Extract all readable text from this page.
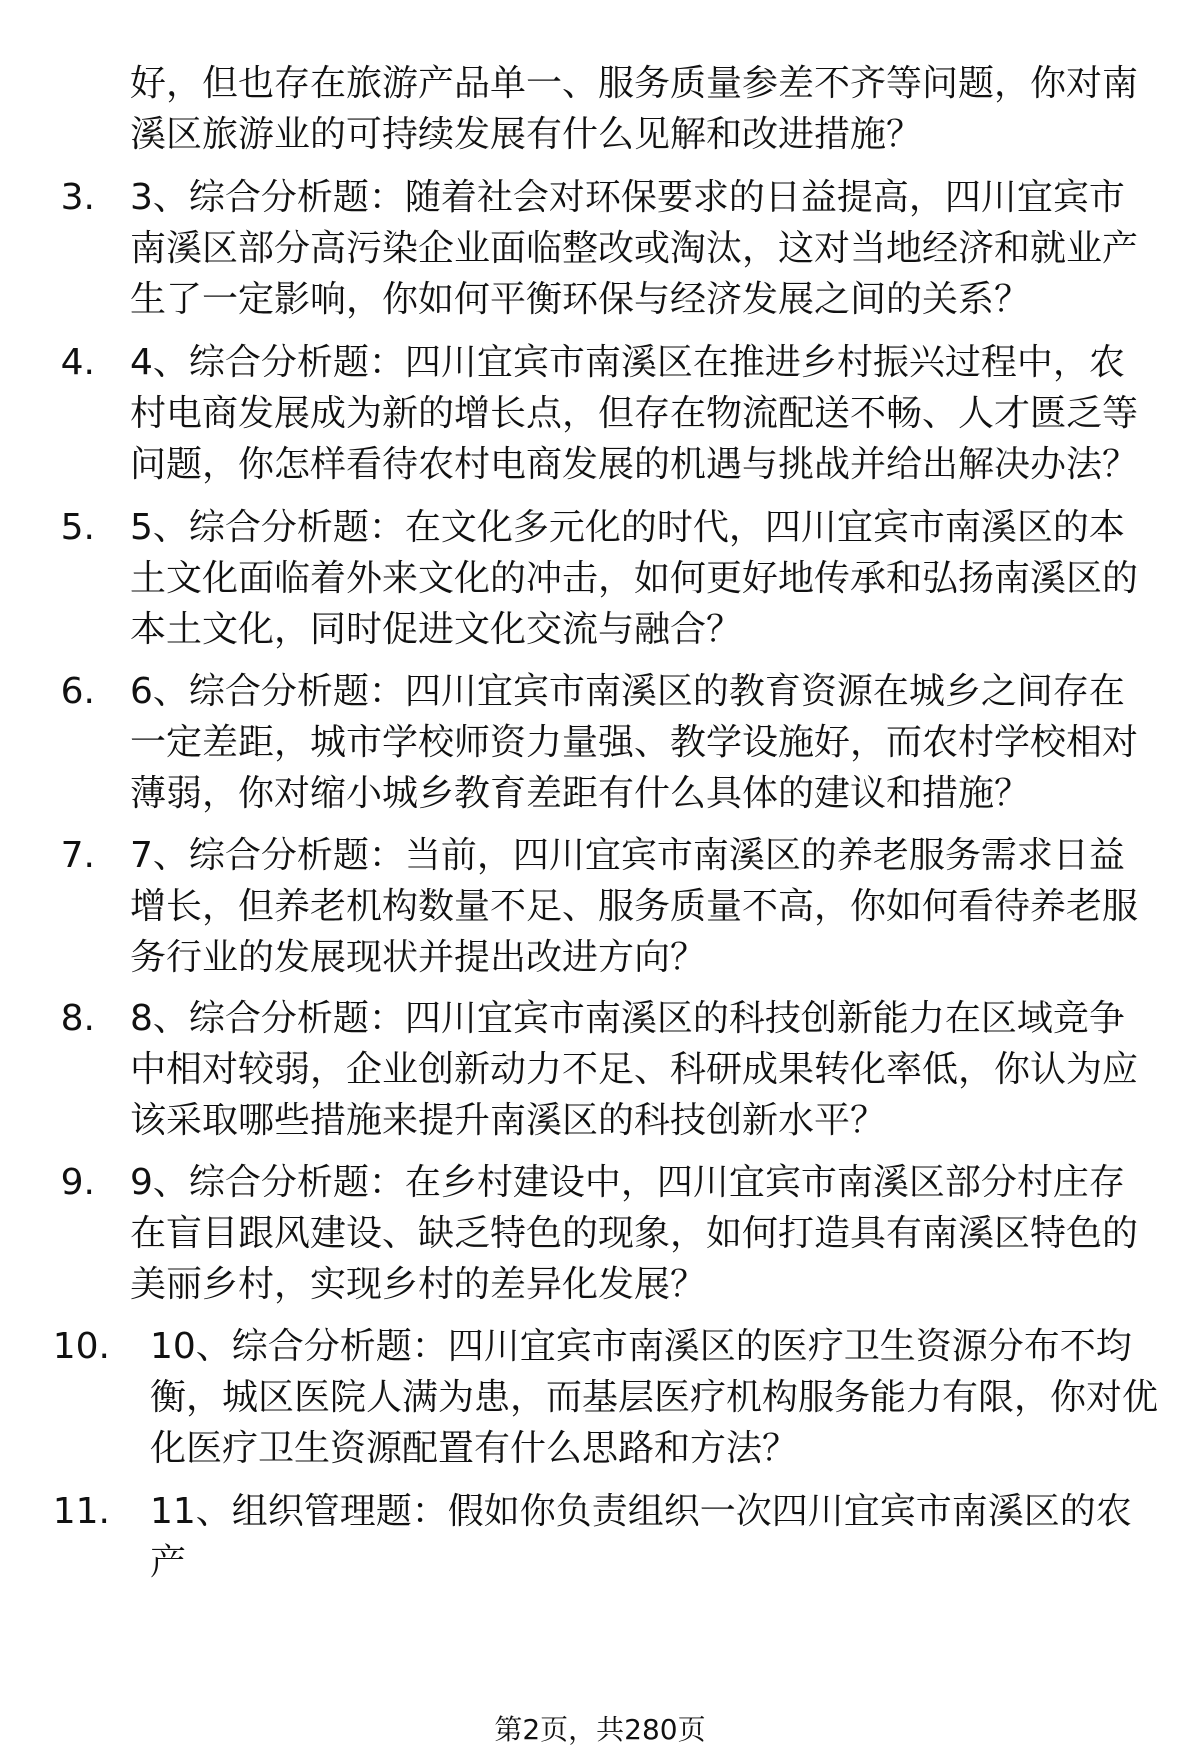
好，但也存在旅游产品单一、服务质量参差不齐等问题，你对南溪区旅游业的可持续发展有什么见解和改进措施？
3. 3、综合分析题：随着社会对环保要求的日益提高，四川宜宾市南溪区部分高污染企业面临整改或淘汰，这对当地经济和就业产生了一定影响，你如何平衡环保与经济发展之间的关系？
4. 4、综合分析题：四川宜宾市南溪区在推进乡村振兴过程中，农村电商发展成为新的增长点，但存在物流配送不畅、人才匮乏等问题，你怎样看待农村电商发展的机遇与挑战并给出解决办法？
5. 5、综合分析题：在文化多元化的时代，四川宜宾市南溪区的本土文化面临着外来文化的冲击，如何更好地传承和弘扬南溪区的本土文化，同时促进文化交流与融合？
6. 6、综合分析题：四川宜宾市南溪区的教育资源在城乡之间存在一定差距，城市学校师资力量强、教学设施好，而农村学校相对薄弱，你对缩小城乡教育差距有什么具体的建议和措施？
7. 7、综合分析题：当前，四川宜宾市南溪区的养老服务需求日益增长，但养老机构数量不足、服务质量不高，你如何看待养老服务行业的发展现状并提出改进方向？
8. 8、综合分析题：四川宜宾市南溪区的科技创新能力在区域竞争中相对较弱，企业创新动力不足、科研成果转化率低，你认为应该采取哪些措施来提升南溪区的科技创新水平？
9. 9、综合分析题：在乡村建设中，四川宜宾市南溪区部分村庄存在盲目跟风建设、缺乏特色的现象，如何打造具有南溪区特色的美丽乡村，实现乡村的差异化发展？
10. 10、综合分析题：四川宜宾市南溪区的医疗卫生资源分布不均衡，城区医院人满为患，而基层医疗机构服务能力有限，你对优化医疗卫生资源配置有什么思路和方法？
11. 11、组织管理题：假如你负责组织一次四川宜宾市南溪区的农产
第2页，共280页
